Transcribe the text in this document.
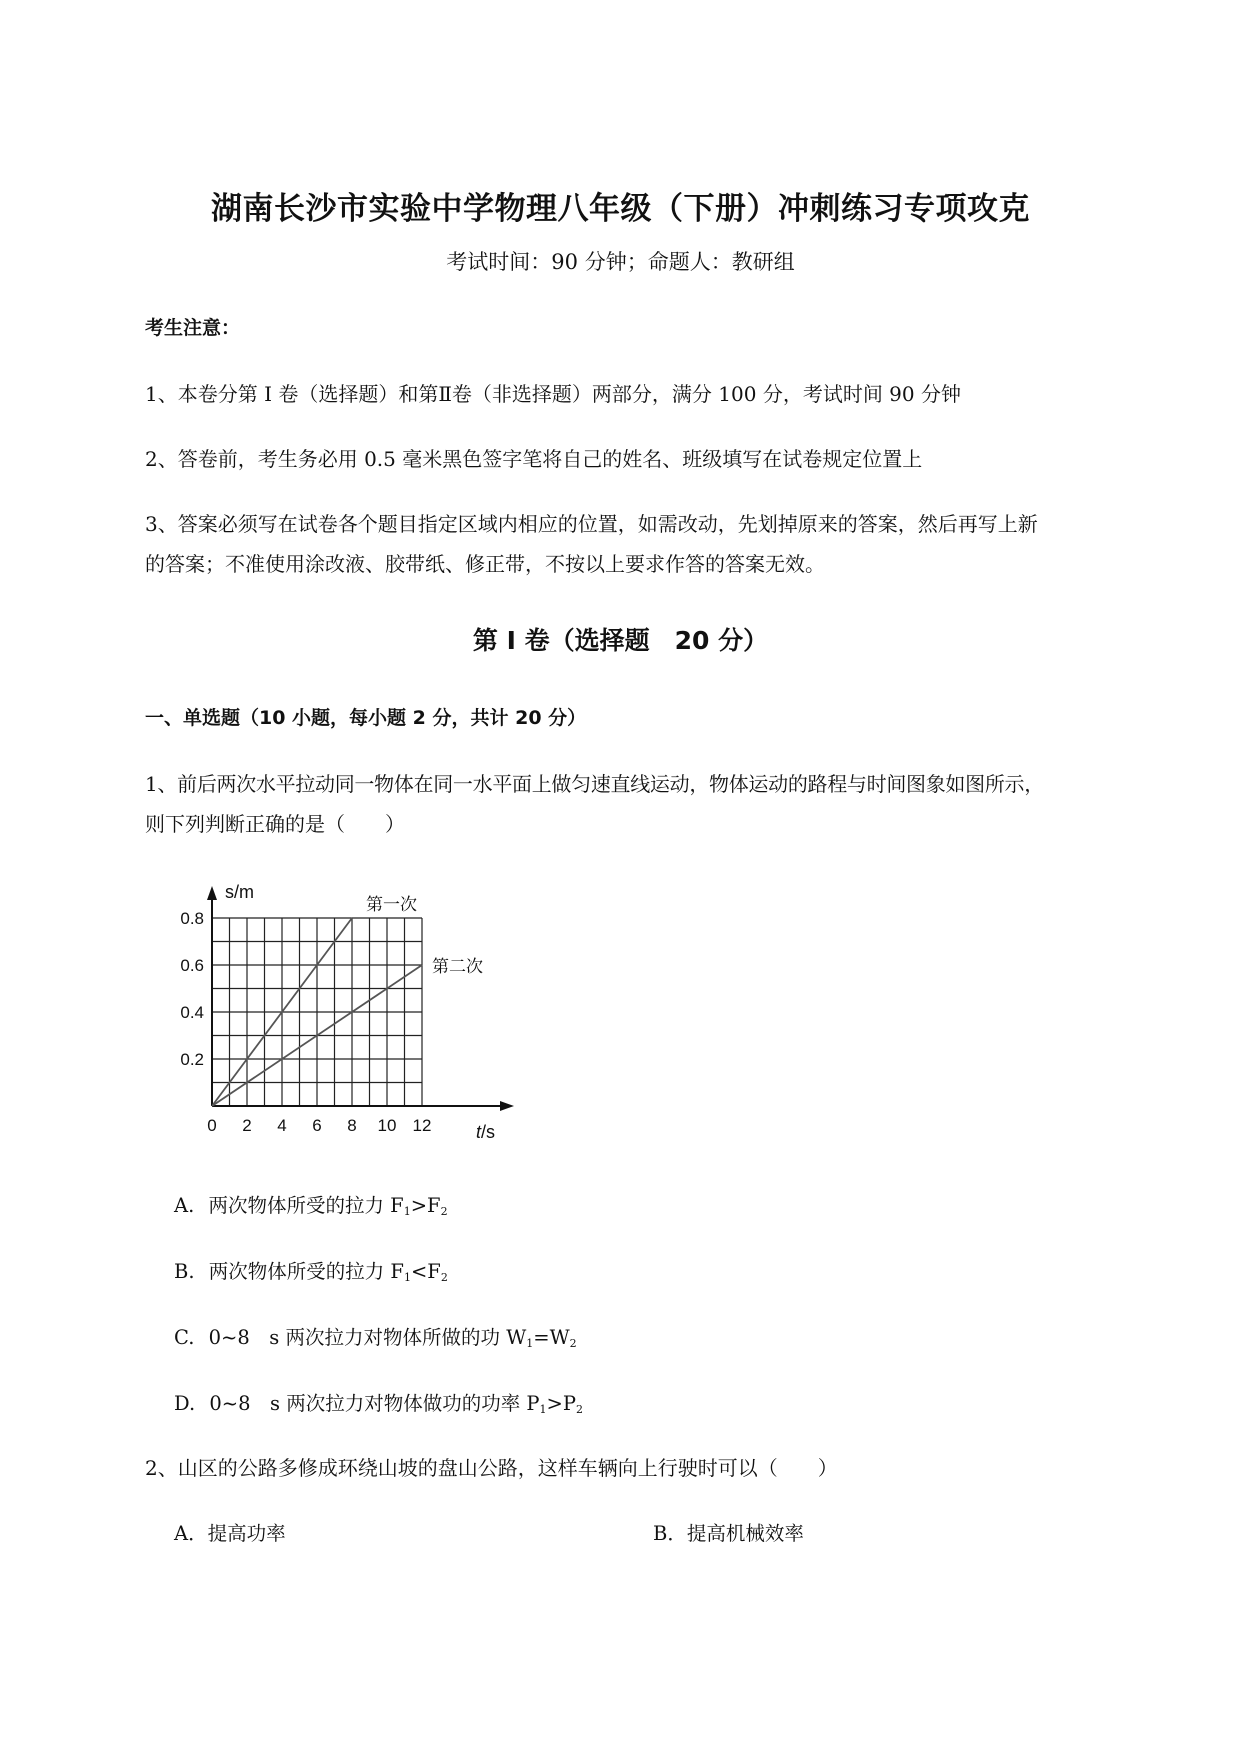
湖南长沙市实验中学物理八年级（下册）冲刺练习专项攻克
考试时间：90 分钟；命题人：教研组
考生注意：
1、本卷分第 I 卷（选择题）和第Ⅱ卷（非选择题）两部分，满分 100 分，考试时间 90 分钟
2、答卷前，考生务必用 0.5 毫米黑色签字笔将自己的姓名、班级填写在试卷规定位置上
3、答案必须写在试卷各个题目指定区域内相应的位置，如需改动，先划掉原来的答案，然后再写上新
的答案；不准使用涂改液、胶带纸、修正带，不按以上要求作答的答案无效。
第 I 卷（选择题　20 分）
一、单选题（10 小题，每小题 2 分，共计 20 分）
1、前后两次水平拉动同一物体在同一水平面上做匀速直线运动，物体运动的路程与时间图象如图所示，
则下列判断正确的是（　　）
第一次
第二次
0.2
0.4
0.6
0.8
0 2 4 6 8 10 12
s/m
t/s
A. 两次物体所受的拉力 $F_1>F_2$
B. 两次物体所受的拉力 $F_1<F_2$
C. 0~8　s 两次拉力对物体所做的功 $W_1=W_2$
D. 0~8　s 两次拉力对物体做功的功率 $P_1>P_2$
2、山区的公路多修成环绕山坡的盘山公路，这样车辆向上行驶时可以（　　）
A．提高功率	B．提高机械效率
